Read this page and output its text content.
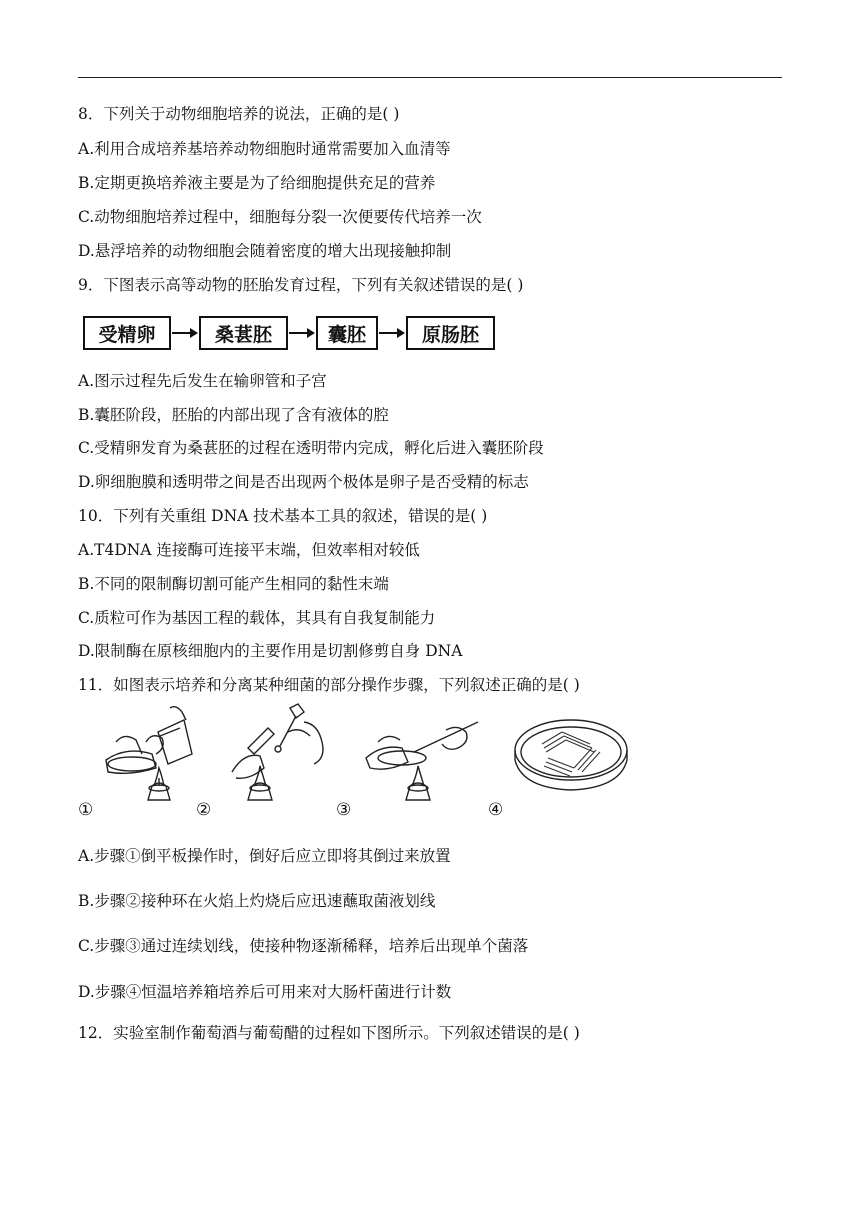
8．下列关于动物细胞培养的说法，正确的是( )
A.利用合成培养基培养动物细胞时通常需要加入血清等
B.定期更换培养液主要是为了给细胞提供充足的营养
C.动物细胞培养过程中，细胞每分裂一次便要传代培养一次
D.悬浮培养的动物细胞会随着密度的增大出现接触抑制
9．下图表示高等动物的胚胎发育过程，下列有关叙述错误的是( )
受精卵	桑葚胚	囊胚	原肠胚
A.图示过程先后发生在输卵管和子宫
B.囊胚阶段，胚胎的内部出现了含有液体的腔
C.受精卵发育为桑葚胚的过程在透明带内完成，孵化后进入囊胚阶段
D.卵细胞膜和透明带之间是否出现两个极体是卵子是否受精的标志
10．下列有关重组 DNA 技术基本工具的叙述，错误的是( )
A.T4DNA 连接酶可连接平末端，但效率相对较低
B.不同的限制酶切割可能产生相同的黏性末端
C.质粒可作为基因工程的载体，其具有自我复制能力
D.限制酶在原核细胞内的主要作用是切割修剪自身 DNA
11．如图表示培养和分离某种细菌的部分操作步骤，下列叙述正确的是( )
①	②	③	④
A.步骤①倒平板操作时，倒好后应立即将其倒过来放置
B.步骤②接种环在火焰上灼烧后应迅速蘸取菌液划线
C.步骤③通过连续划线，使接种物逐渐稀释，培养后出现单个菌落
D.步骤④恒温培养箱培养后可用来对大肠杆菌进行计数
12．实验室制作葡萄酒与葡萄醋的过程如下图所示。下列叙述错误的是( )
